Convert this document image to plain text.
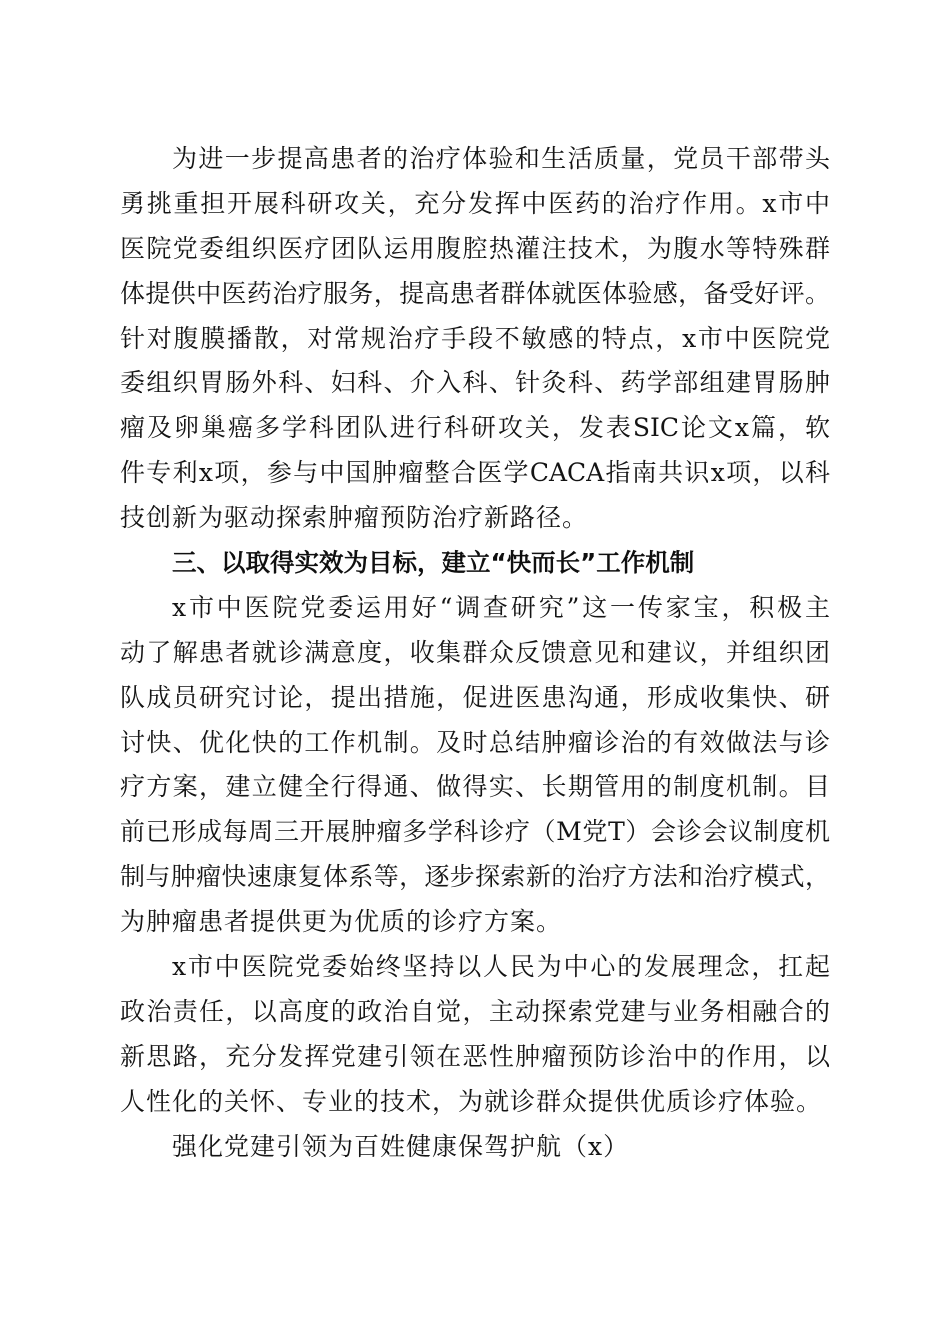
为进一步提高患者的治疗体验和生活质量，党员干部带头
勇挑重担开展科研攻关，充分发挥中医药的治疗作用。x市中
医院党委组织医疗团队运用腹腔热灌注技术，为腹水等特殊群
体提供中医药治疗服务，提高患者群体就医体验感，备受好评。
针对腹膜播散，对常规治疗手段不敏感的特点，x市中医院党
委组织胃肠外科、妇科、介入科、针灸科、药学部组建胃肠肿
瘤及卵巢癌多学科团队进行科研攻关，发表SIC论文x篇，软
件专利x项，参与中国肿瘤整合医学CACA指南共识x项，以科
技创新为驱动探索肿瘤预防治疗新路径。
三、以取得实效为目标，建立“快而长”工作机制
x市中医院党委运用好“调查研究”这一传家宝，积极主
动了解患者就诊满意度，收集群众反馈意见和建议，并组织团
队成员研究讨论，提出措施，促进医患沟通，形成收集快、研
讨快、优化快的工作机制。及时总结肿瘤诊治的有效做法与诊
疗方案，建立健全行得通、做得实、长期管用的制度机制。目
前已形成每周三开展肿瘤多学科诊疗（M党T）会诊会议制度机
制与肿瘤快速康复体系等，逐步探索新的治疗方法和治疗模式，
为肿瘤患者提供更为优质的诊疗方案。
x市中医院党委始终坚持以人民为中心的发展理念，扛起
政治责任，以高度的政治自觉，主动探索党建与业务相融合的
新思路，充分发挥党建引领在恶性肿瘤预防诊治中的作用，以
人性化的关怀、专业的技术，为就诊群众提供优质诊疗体验。
强化党建引领为百姓健康保驾护航（x）
